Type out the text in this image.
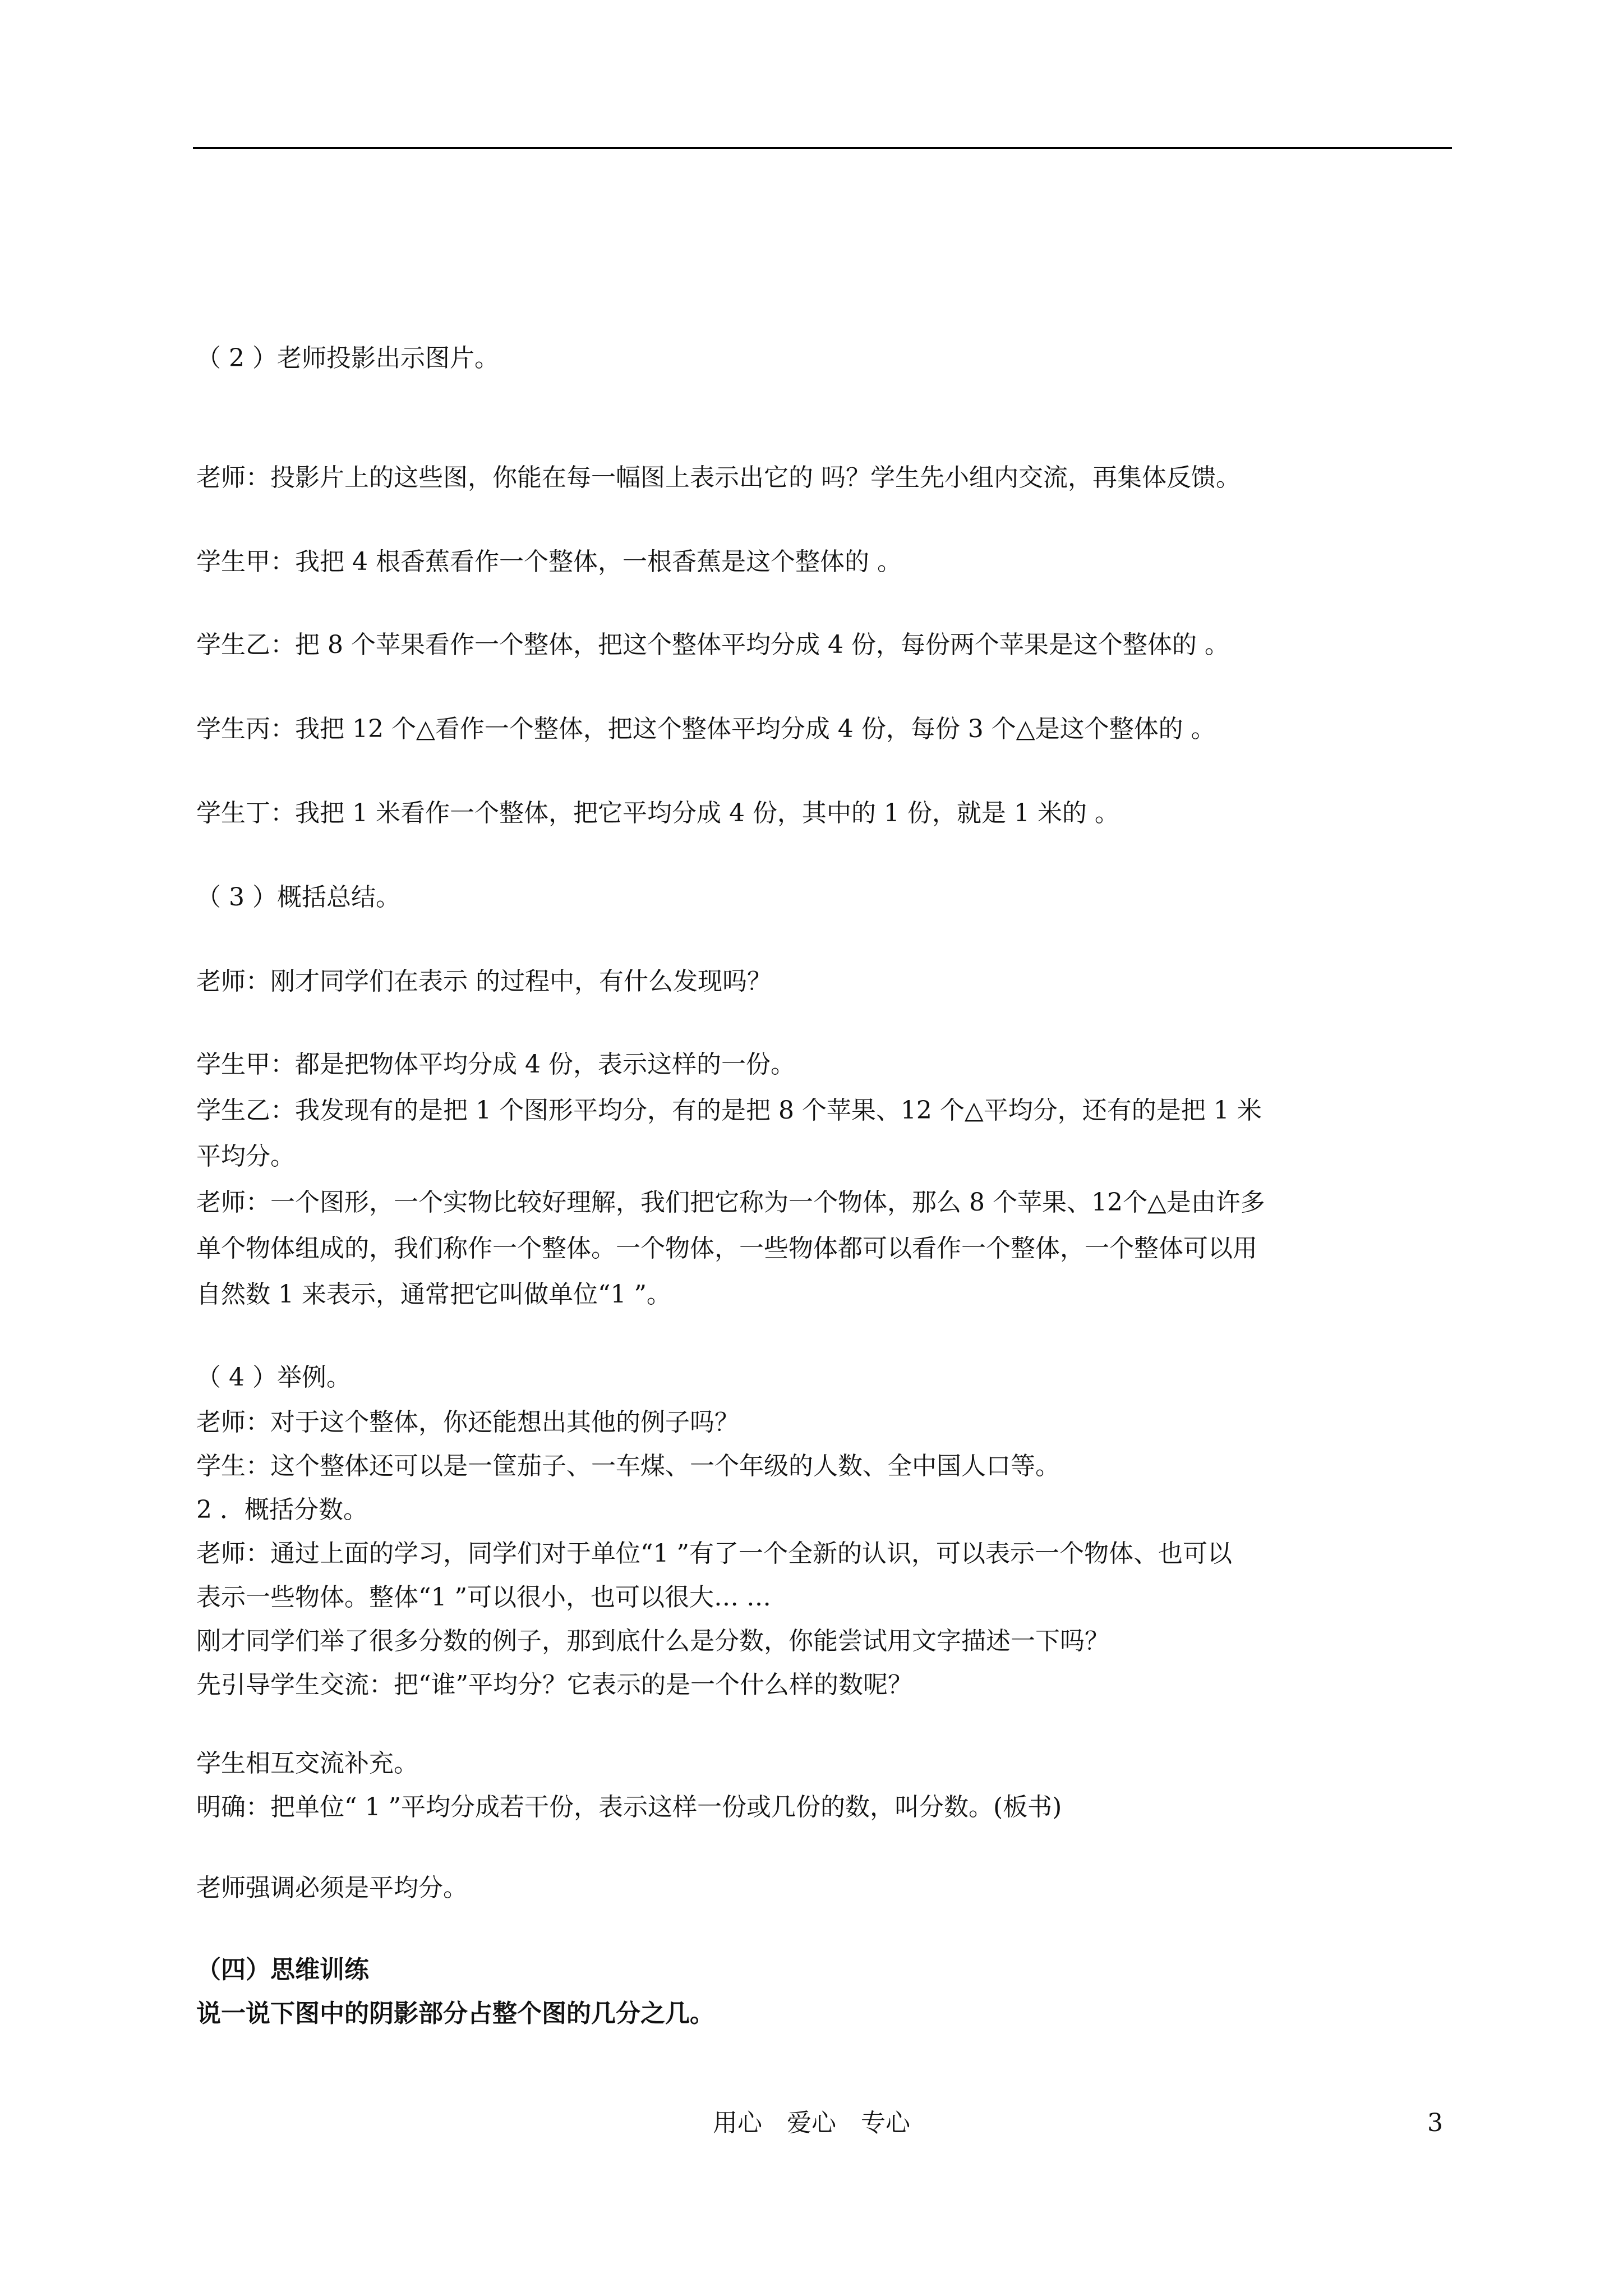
（ 2 ）老师投影出示图片。
老师：投影片上的这些图，你能在每一幅图上表示出它的 吗？学生先小组内交流，再集体反馈。
学生甲：我把 4 根香蕉看作一个整体，一根香蕉是这个整体的 。
学生乙：把 8 个苹果看作一个整体，把这个整体平均分成 4 份，每份两个苹果是这个整体的 。
学生丙：我把 12 个△看作一个整体，把这个整体平均分成 4 份，每份 3 个△是这个整体的 。
学生丁：我把 1 米看作一个整体，把它平均分成 4 份，其中的 1 份，就是 1 米的 。
（ 3 ）概括总结。
老师：刚才同学们在表示 的过程中，有什么发现吗？
学生甲：都是把物体平均分成 4 份，表示这样的一份。
学生乙：我发现有的是把 1 个图形平均分，有的是把 8 个苹果、12 个△平均分，还有的是把 1 米
平均分。
老师：一个图形，一个实物比较好理解，我们把它称为一个物体，那么 8 个苹果、12个△是由许多
单个物体组成的，我们称作一个整体。一个物体，一些物体都可以看作一个整体，一个整体可以用
自然数 1 来表示，通常把它叫做单位“1 ”。
（ 4 ）举例。
老师：对于这个整体，你还能想出其他的例子吗？
学生：这个整体还可以是一筐茄子、一车煤、一个年级的人数、全中国人口等。
2 ．概括分数。
老师：通过上面的学习，同学们对于单位“1 ”有了一个全新的认识，可以表示一个物体、也可以
表示一些物体。整体“1 ”可以很小，也可以很大… …
刚才同学们举了很多分数的例子，那到底什么是分数，你能尝试用文字描述一下吗？
先引导学生交流：把“谁”平均分？它表示的是一个什么样的数呢？
学生相互交流补充。
明确：把单位“ 1 ”平均分成若干份，表示这样一份或几份的数，叫分数。(板书)
老师强调必须是平均分。
（四）思维训练
说一说下图中的阴影部分占整个图的几分之几。
用心　爱心　专心	3
